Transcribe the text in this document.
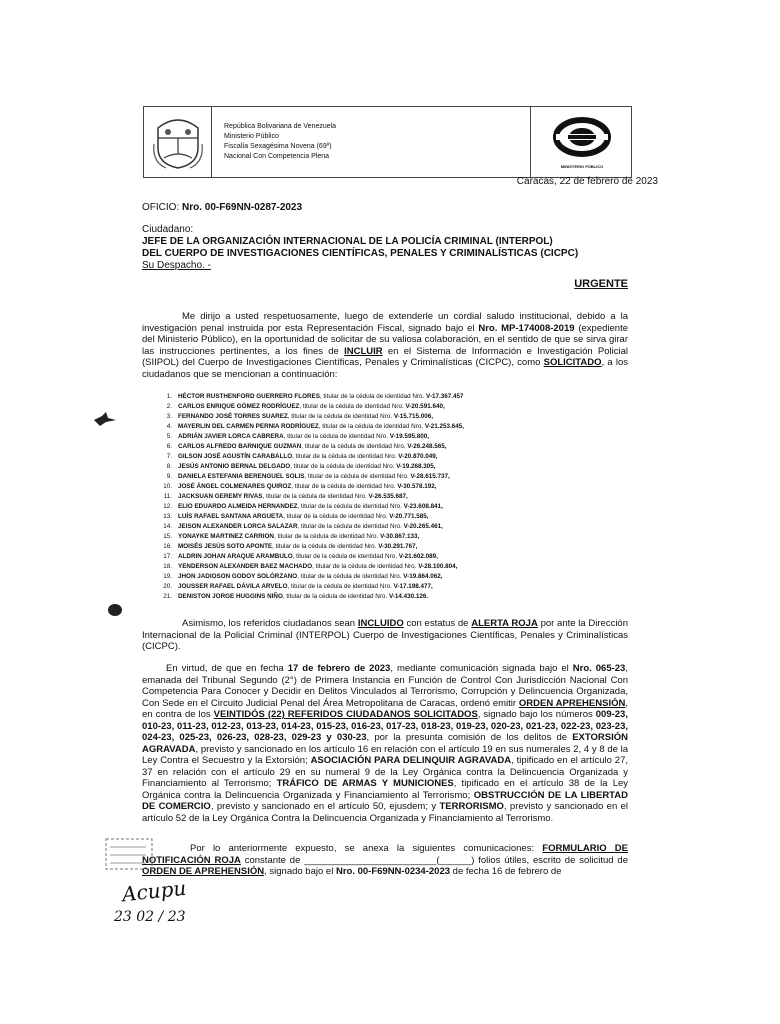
República Bolivariana de Venezuela
Ministerio Público
Fiscalía Sexagésima Novena (69º)
Nacional Con Competencia Plena
MINISTERIO PÚBLICO
Caracas, 22 de febrero de 2023
OFICIO: Nro. 00-F69NN-0287-2023
Ciudadano:
JEFE DE LA ORGANIZACIÓN INTERNACIONAL DE LA POLICÍA CRIMINAL (INTERPOL)
DEL CUERPO DE INVESTIGACIONES CIENTÍFICAS, PENALES Y CRIMINALÍSTICAS (CICPC)
Su Despacho. -
URGENTE
Me dirijo a usted respetuosamente, luego de extenderle un cordial saludo institucional, debido a la investigación penal instruida por esta Representación Fiscal, signado bajo el Nro. MP-174008-2019 (expediente del Ministerio Público), en la oportunidad de solicitar de su valiosa colaboración, en el sentido de que se sirva girar las instrucciones pertinentes, a los fines de INCLUIR en el Sistema de Información e Investigación Policial (SIIPOL) del Cuerpo de Investigaciones Científicas, Penales y Criminalísticas (CICPC), como SOLICITADO, a los ciudadanos que se mencionan a continuación:
1. HÉCTOR RUSTHENFORD GUERRERO FLORES, titular de la cédula de identidad Nro. V-17.367.457
2. CARLOS ENRIQUE GÓMEZ RODRÍGUEZ, titular de la cédula de identidad Nro. V-20.591.640,
3. FERNANDO JOSÉ TORRES SUAREZ, titular de la cédula de identidad Nro. V-15.715.006,
4. MAYERLIN DEL CARMEN PERNIA RODRÍGUEZ, titular de la cédula de identidad Nro. V-21.253.645,
5. ADRIÁN JAVIER LORCA CABRERA, titular de la cédula de identidad Nro. V-19.595.800,
6. CARLOS ALFREDO BARNIQUE GUZMAN, titular de la cédula de identidad Nro. V-26.248.565,
7. GILSON JOSÉ AGUSTÍN CARABALLO, titular de la cédula de identidad Nro. V-20.870.049,
8. JESÚS ANTONIO BERNAL DELGADO, titular de la cédula de identidad Nro. V-19.268.305,
9. DANIELA ESTEFANIA BERENGUEL SOLIS, titular de la cédula de identidad Nro. V-28.615.737,
10. JOSÉ ÁNGEL COLMENARES QUIROZ, titular de la cédula de identidad Nro. V-30.578.192,
11. JACKSUAN GEREMY RIVAS, titular de la cédula de identidad Nro. V-26.535.687,
12. ELIO EDUARDO ALMEIDA HERNANDEZ, titular de la cédula de identidad Nro. V-23.608.841,
13. LUÍS RAFAEL SANTANA ARGUETA, titular de la cédula de identidad Nro. V-20.771.585,
14. JEISON ALEXANDER LORCA SALAZAR, titular de la cédula de identidad Nro. V-20.265.461,
15. YONAYKE MARTINEZ CARRION, titular de la cédula de identidad Nro. V-30.867.133,
16. MOISÉS JESÚS SOTO APONTE, titular de la cédula de identidad Nro. V-30.291.767,
17. ALDRIN JOHAN ARAQUE ARAMBULO, titular de la cédula de identidad Nro. V-21.602.089,
18. YENDERSON ALEXANDER BAEZ MACHADO, titular de la cédula de identidad Nro. V-28.100.804,
19. JHON JADIOSON GODOY SOLÓRZANO, titular de la cédula de identidad Nro. V-19.864.062,
20. JOUSSER RAFAEL DÁVILA ARVELO, titular de la cédula de identidad Nro. V-17.198.477,
21. DENISTON JORGE HUGGINS NIÑO, titular de la cédula de identidad Nro. V-14.430.126.
Asimismo, los referidos ciudadanos sean INCLUIDO con estatus de ALERTA ROJA por ante la Dirección Internacional de la Policial Criminal (INTERPOL) Cuerpo de Investigaciones Científicas, Penales y Criminalísticas (CICPC).
En virtud, de que en fecha 17 de febrero de 2023, mediante comunicación signada bajo el Nro. 065-23, emanada del Tribunal Segundo (2°) de Primera Instancia en Función de Control Con Jurisdicción Nacional Con Competencia Para Conocer y Decidir en Delitos Vinculados al Terrorismo, Corrupción y Delincuencia Organizada, Con Sede en el Circuito Judicial Penal del Área Metropolitana de Caracas, ordenó emitir ORDEN APREHENSIÓN, en contra de los VEINTIDÓS (22) REFERIDOS CIUDADANOS SOLICITADOS, signado bajo los números 009-23, 010-23, 011-23, 012-23, 013-23, 014-23, 015-23, 016-23, 017-23, 018-23, 019-23, 020-23, 021-23, 022-23, 023-23, 024-23, 025-23, 026-23, 028-23, 029-23 y 030-23, por la presunta comisión de los delitos de EXTORSIÓN AGRAVADA, previsto y sancionado en los artículo 16 en relación con el artículo 19 en sus numerales 2, 4 y 8 de la Ley Contra el Secuestro y la Extorsión; ASOCIACIÓN PARA DELINQUIR AGRAVADA, tipificado en el artículo 27, 37 en relación con el artículo 29 en su numeral 9 de la Ley Orgánica contra la Delincuencia Organizada y Financiamiento al Terrorismo; TRÁFICO DE ARMAS Y MUNICIONES, tipificado en el artículo 38 de la Ley Orgánica contra la Delincuencia Organizada y Financiamiento al Terrorismo; OBSTRUCCIÓN DE LA LIBERTAD DE COMERCIO, previsto y sancionado en el artículo 50, ejusdem; y TERRORISMO, previsto y sancionado en el artículo 52 de la Ley Orgánica Contra la Delincuencia Organizada y Financiamiento al Terrorismo.
Por lo anteriormente expuesto, se anexa la siguientes comunicaciones: FORMULARIO DE NOTIFICACIÓN ROJA constante de _________________________(______) folios útiles, escrito de solicitud de ORDEN DE APREHENSIÓN, signado bajo el Nro. 00-F69NN-0234-2023 de fecha 16 de febrero de
Acupu
23 02 / 23
